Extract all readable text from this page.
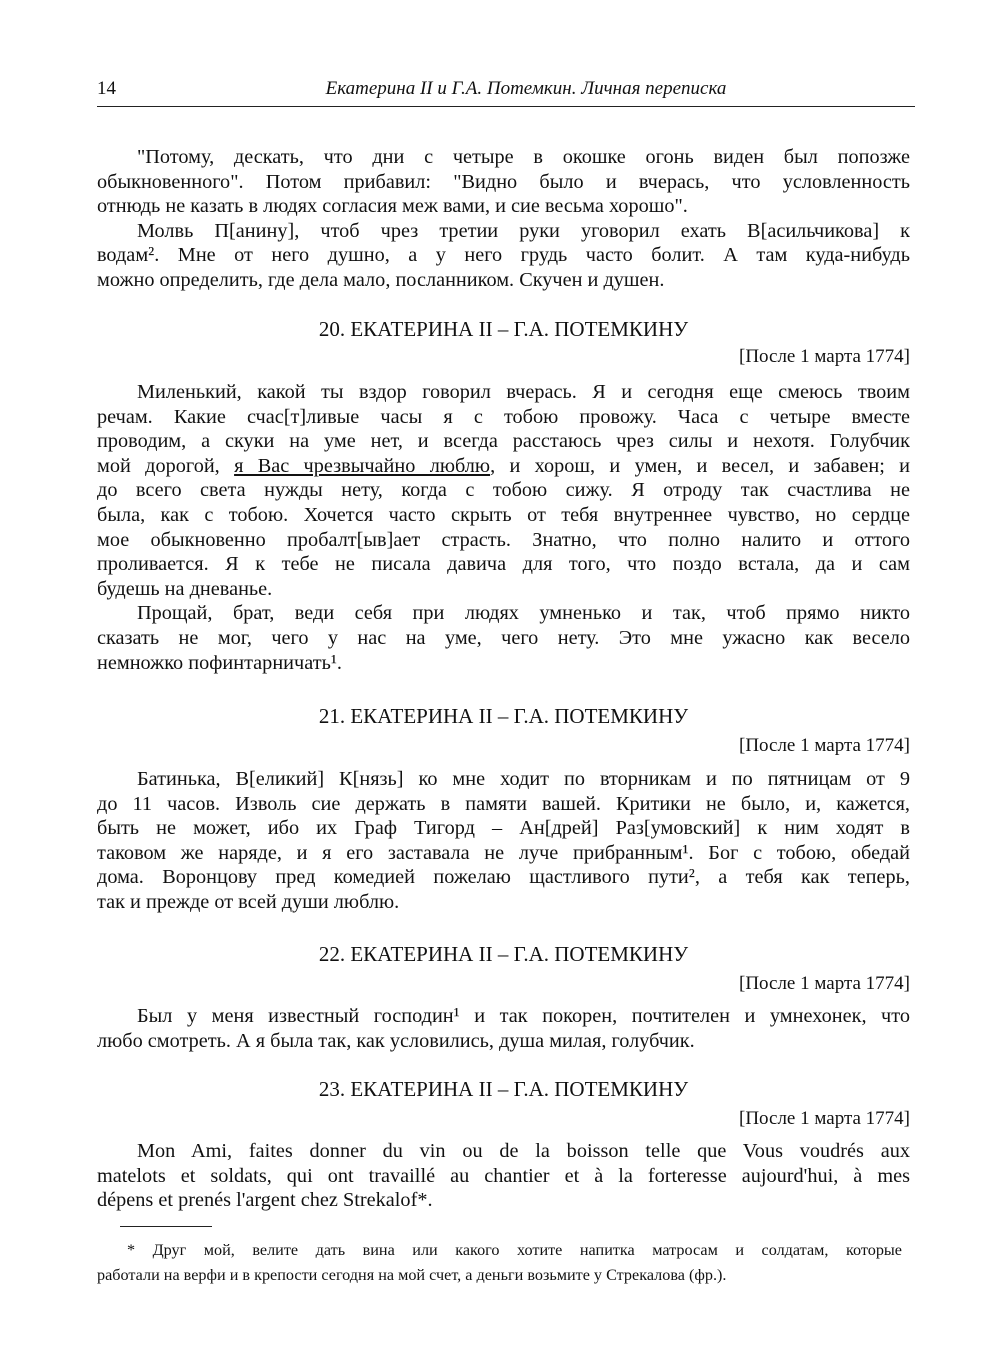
14	Екатерина II и Г.А. Потемкин. Личная переписка
"Потому, дескать, что дни с четыре в окошке огонь виден был попозже
обыкновенного". Потом прибавил: "Видно было и вчерась, что условленность
отнюдь не казать в людях согласия меж вами, и сие весьма хорошо".
Молвь П[анину], чтоб чрез третии руки уговорил ехать В[асильчикова] к
водам². Мне от него душно, а у него грудь часто болит. А там куда-нибудь
можно определить, где дела мало, посланником. Скучен и душен.
20. ЕКАТЕРИНА II – Г.А. ПОТЕМКИНУ
[После 1 марта 1774]
Миленький, какой ты вздор говорил вчерась. Я и сегодня еще смеюсь твоим
речам. Какие счас[т]ливые часы я с тобою провожу. Часа с четыре вместе
проводим, а скуки на уме нет, и всегда расстаюсь чрез силы и нехотя. Голубчик
мой дорогой, я Вас чрезвычайно люблю, и хорош, и умен, и весел, и забавен; и
до всего света нужды нету, когда с тобою сижу. Я отроду так счастлива не
была, как с тобою. Хочется часто скрыть от тебя внутреннее чувство, но сердце
мое обыкновенно пробалт[ыв]ает страсть. Знатно, что полно налито и оттого
проливается. Я к тебе не писала давича для того, что поздо встала, да и сам
будешь на дневанье.
Прощай, брат, веди себя при людях умненько и так, чтоб прямо никто
сказать не мог, чего у нас на уме, чего нету. Это мне ужасно как весело
немножко пофинтарничать¹.
21. ЕКАТЕРИНА II – Г.А. ПОТЕМКИНУ
[После 1 марта 1774]
Батинька, В[еликий] К[нязь] ко мне ходит по вторникам и по пятницам от 9
до 11 часов. Изволь сие держать в памяти вашей. Критики не было, и, кажется,
быть не может, ибо их Граф Тигорд – Ан[дрей] Раз[умовский] к ним ходят в
таковом же наряде, и я его заставала не луче прибранным¹. Бог с тобою, обедай
дома. Воронцову пред комедией пожелаю щастливого пути², а тебя как теперь,
так и прежде от всей души люблю.
22. ЕКАТЕРИНА II – Г.А. ПОТЕМКИНУ
[После 1 марта 1774]
Был у меня известный господин¹ и так покорен, почтителен и умнехонек, что
любо смотреть. А я была так, как условились, душа милая, голубчик.
23. ЕКАТЕРИНА II – Г.А. ПОТЕМКИНУ
[После 1 марта 1774]
Mon Ami, faites donner du vin ou de la boisson telle que Vous voudrés aux
matelots et soldats, qui ont travaillé au chantier et à la forteresse aujourd'hui, à mes
dépens et prenés l'argent chez Strekalof*.
* Друг мой, велите дать вина или какого хотите напитка матросам и солдатам, которые
работали на верфи и в крепости сегодня на мой счет, а деньги возьмите у Стрекалова (фр.).
